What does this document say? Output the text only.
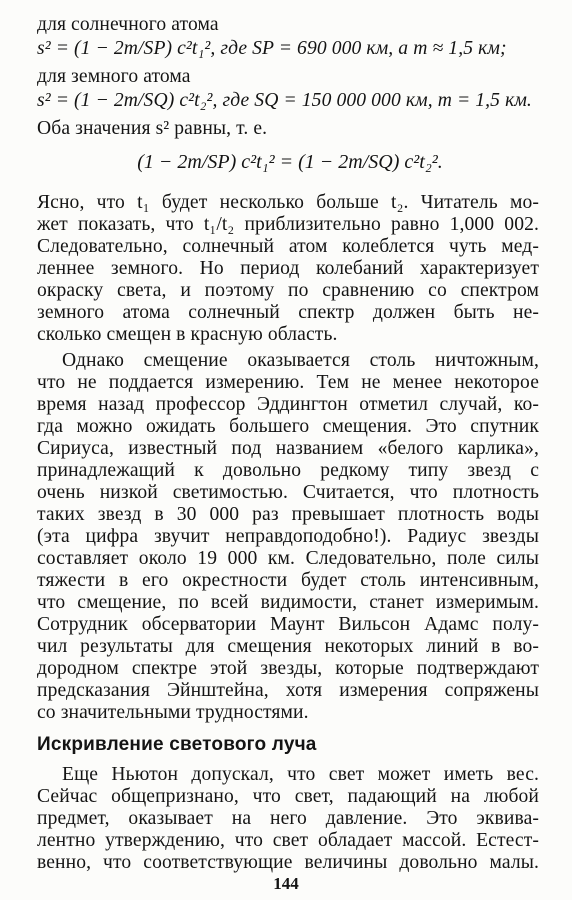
для солнечного атома
s² = (1 − 2m/SP) c²t₁², где SP = 690 000 км, а m ≈ 1,5 км;
для земного атома
s² = (1 − 2m/SQ) c²t₂², где SQ = 150 000 000 км, m = 1,5 км.
Оба значения s² равны, т. е.
(1 − 2m/SP) c²t₁² = (1 − 2m/SQ) c²t₂².
Ясно, что t₁ будет несколько больше t₂. Читатель мо-
жет показать, что t₁/t₂ приблизительно равно 1,000 002.
Следовательно, солнечный атом колеблется чуть мед-
леннее земного. Но период колебаний характеризует
окраску света, и поэтому по сравнению со спектром
земного атома солнечный спектр должен быть не-
сколько смещен в красную область.
Однако смещение оказывается столь ничтожным,
что не поддается измерению. Тем не менее некоторое
время назад профессор Эддингтон отметил случай, ко-
гда можно ожидать большего смещения. Это спутник
Сириуса, известный под названием «белого карлика»,
принадлежащий к довольно редкому типу звезд с
очень низкой светимостью. Считается, что плотность
таких звезд в 30 000 раз превышает плотность воды
(эта цифра звучит неправдоподобно!). Радиус звезды
составляет около 19 000 км. Следовательно, поле силы
тяжести в его окрестности будет столь интенсивным,
что смещение, по всей видимости, станет измеримым.
Сотрудник обсерватории Маунт Вильсон Адамс полу-
чил результаты для смещения некоторых линий в во-
дородном спектре этой звезды, которые подтверждают
предсказания Эйнштейна, хотя измерения сопряжены
со значительными трудностями.
Искривление светового луча
Еще Ньютон допускал, что свет может иметь вес.
Сейчас общепризнано, что свет, падающий на любой
предмет, оказывает на него давление. Это эквива-
лентно утверждению, что свет обладает массой. Естест-
венно, что соответствующие величины довольно малы.
144
